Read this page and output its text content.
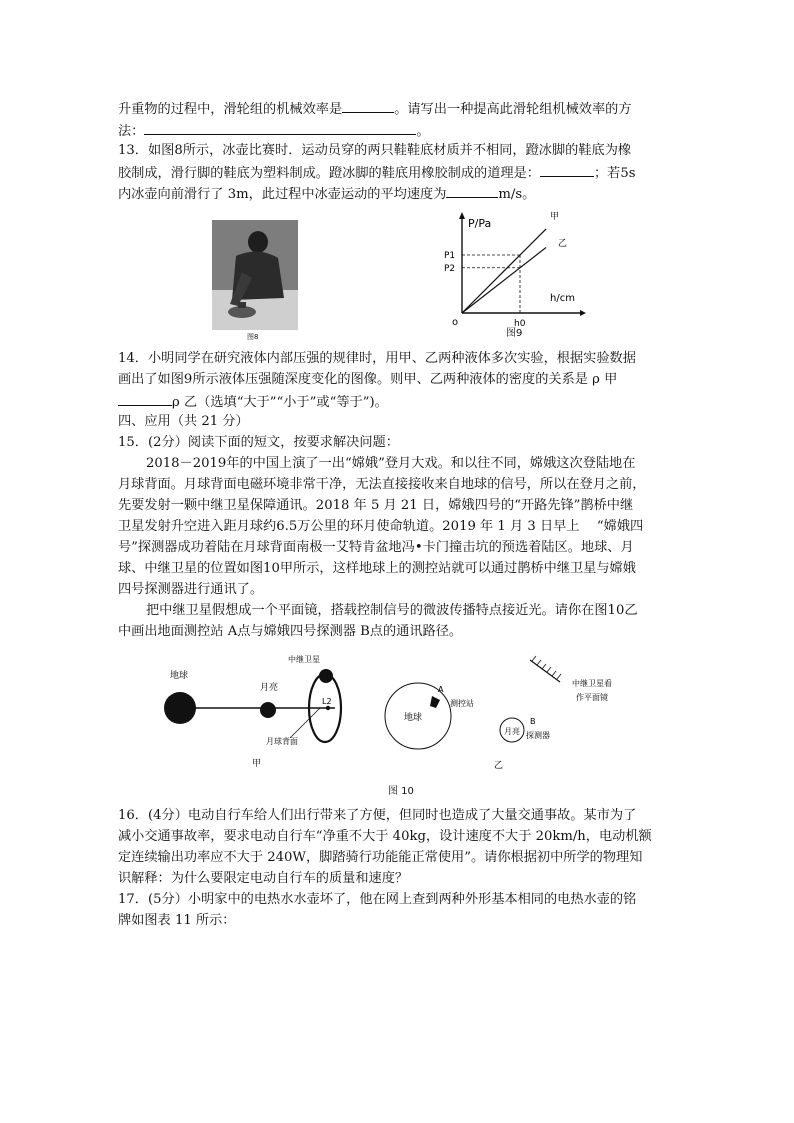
升重物的过程中，滑轮组的机械效率是	。请写出一种提高此滑轮组机械效率的方
法：	。
13．如图8所示，冰壶比赛时．运动员穿的两只鞋鞋底材质并不相同，蹬冰脚的鞋底为橡
胶制成，滑行脚的鞋底为塑料制成。蹬冰脚的鞋底用橡胶制成的道理是：	；若5s
内冰壶向前滑行了 3m，此过程中冰壶运动的平均速度为	m/s。
图8
P/Pa
h/cm
o
P1
P2
h0
甲
乙
图9
14．小明同学在研究液体内部压强的规律时，用甲、乙两种液体多次实验，根据实验数据
画出了如图9所示液体压强随深度变化的图像。则甲、乙两种液体的密度的关系是 ρ 甲
ρ 乙（选填“大于”“小于”或“等于”)。
四、应用（共 21 分）
15．(2分）阅读下面的短文，按要求解决问题：
2018－2019年的中国上演了一出“嫦娥”登月大戏。和以往不同，嫦娥这次登陆地在
月球背面。月球背面电磁环境非常干净，无法直接接收来自地球的信号，所以在登月之前，
先要发射一颗中继卫星保障通讯。2018 年 5 月 21 日，嫦娥四号的“开路先锋”鹊桥中继
卫星发射升空进入距月球约6.5万公里的环月使命轨道。2019 年 1 月 3 日早上　 “嫦娥四
号”探测器成功着陆在月球背面南极一艾特肯盆地冯•卡门撞击坑的预选着陆区。地球、月
球、中继卫星的位置如图10甲所示，这样地球上的测控站就可以通过鹊桥中继卫星与嫦娥
四号探测器进行通讯了。
把中继卫星假想成一个平面镜，搭载控制信号的微波传播特点接近光。请你在图10乙
中画出地面测控站 A点与嫦娥四号探测器 B点的通讯路径。
地球
月亮
中继卫星
L2
月球背面
甲
地球
A
测控站
月亮
B
探测器
中继卫星看
作平面镜
乙
图 10
16．(4分）电动自行车给人们出行带来了方便，但同时也造成了大量交通事故。某市为了
减小交通事故率，要求电动自行车“净重不大于 40kg，设计速度不大于 20km/h，电动机额
定连续输出功率应不大于 240W，脚踏骑行功能能正常使用”。请你根据初中所学的物理知
识解释：为什么要限定电动自行车的质量和速度？
17．(5分）小明家中的电热水水壶坏了，他在网上查到两种外形基本相同的电热水壶的铭
牌如图表 11 所示：
